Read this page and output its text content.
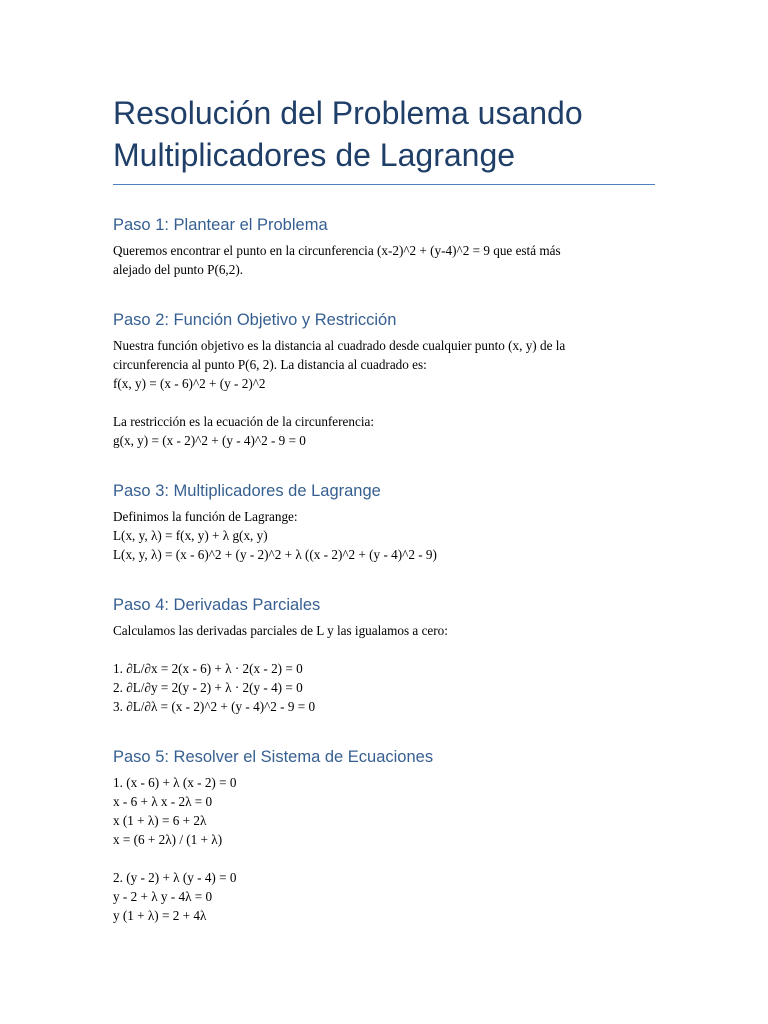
Resolución del Problema usando Multiplicadores de Lagrange
Paso 1: Plantear el Problema

Queremos encontrar el punto en la circunferencia (x-2)^2 + (y-4)^2 = 9 que está más

alejado del punto P(6,2).

Paso 2: Función Objetivo y Restricción

Nuestra función objetivo es la distancia al cuadrado desde cualquier punto (x, y) de la

circunferencia al punto P(6, 2). La distancia al cuadrado es:

f(x, y) = (x - 6)^2 + (y - 2)^2

La restricción es la ecuación de la circunferencia:

g(x, y) = (x - 2)^2 + (y - 4)^2 - 9 = 0

Paso 3: Multiplicadores de Lagrange

Definimos la función de Lagrange:

L(x, y, λ) = f(x, y) + λ g(x, y)

L(x, y, λ) = (x - 6)^2 + (y - 2)^2 + λ ((x - 2)^2 + (y - 4)^2 - 9)

Paso 4: Derivadas Parciales

Calculamos las derivadas parciales de L y las igualamos a cero:

1. ∂L/∂x = 2(x - 6) + λ · 2(x - 2) = 0

2. ∂L/∂y = 2(y - 2) + λ · 2(y - 4) = 0

3. ∂L/∂λ = (x - 2)^2 + (y - 4)^2 - 9 = 0

Paso 5: Resolver el Sistema de Ecuaciones

1. (x - 6) + λ (x - 2) = 0

x - 6 + λ x - 2λ = 0

x (1 + λ) = 6 + 2λ

x = (6 + 2λ) / (1 + λ)

2. (y - 2) + λ (y - 4) = 0

y - 2 + λ y - 4λ = 0

y (1 + λ) = 2 + 4λ
